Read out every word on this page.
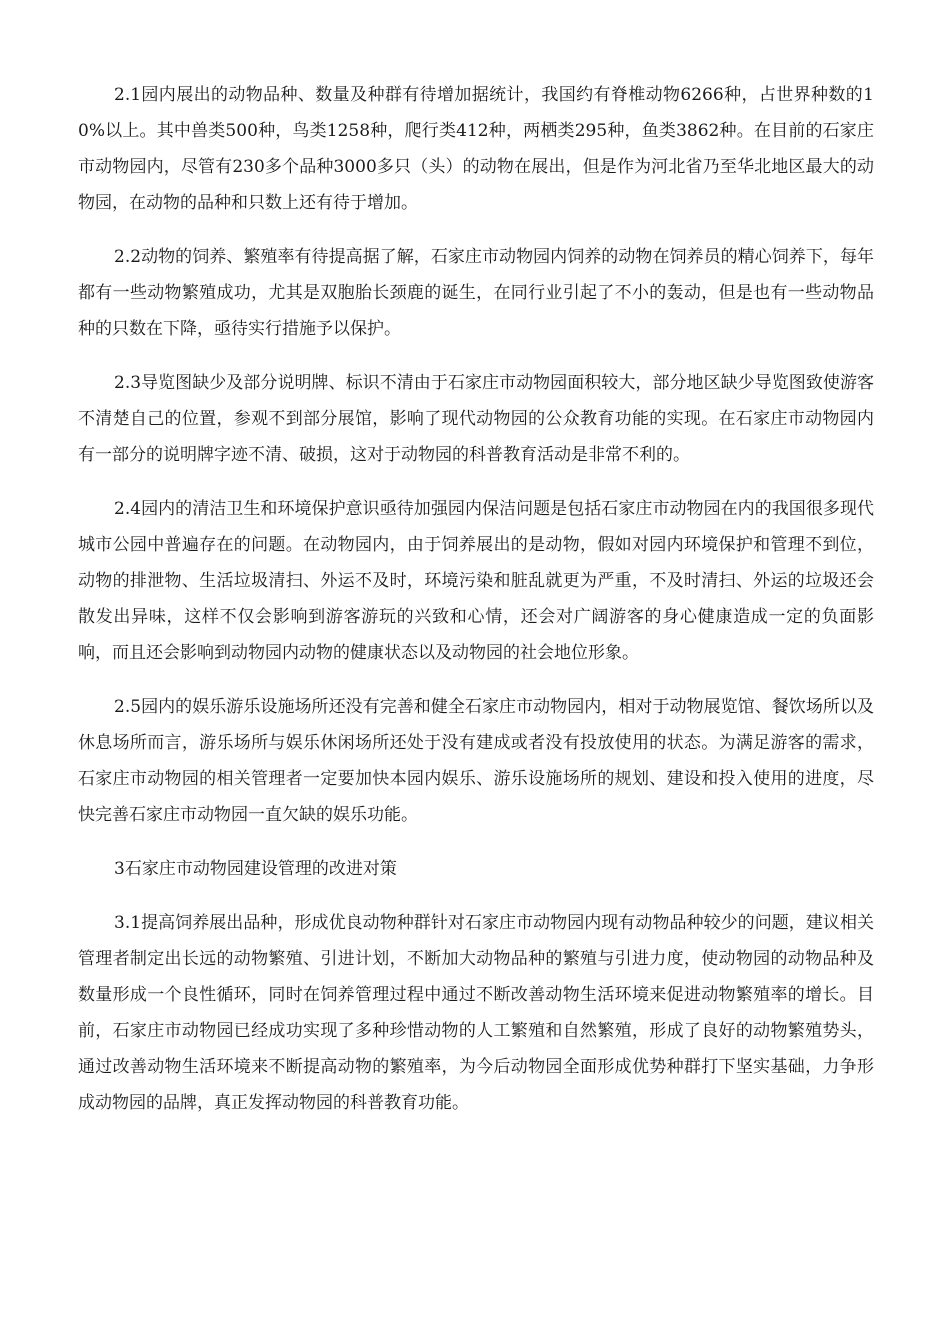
2.1园内展出的动物品种、数量及种群有待增加据统计，我国约有脊椎动物6266种，占世界种数的10%以上。其中兽类500种，鸟类1258种，爬行类412种，两栖类295种，鱼类3862种。在目前的石家庄市动物园内，尽管有230多个品种3000多只（头）的动物在展出，但是作为河北省乃至华北地区最大的动物园，在动物的品种和只数上还有待于增加。

2.2动物的饲养、繁殖率有待提高据了解，石家庄市动物园内饲养的动物在饲养员的精心饲养下，每年都有一些动物繁殖成功，尤其是双胞胎长颈鹿的诞生，在同行业引起了不小的轰动，但是也有一些动物品种的只数在下降，亟待实行措施予以保护。

2.3导览图缺少及部分说明牌、标识不清由于石家庄市动物园面积较大，部分地区缺少导览图致使游客不清楚自己的位置，参观不到部分展馆，影响了现代动物园的公众教育功能的实现。在石家庄市动物园内有一部分的说明牌字迹不清、破损，这对于动物园的科普教育活动是非常不利的。

2.4园内的清洁卫生和环境保护意识亟待加强园内保洁问题是包括石家庄市动物园在内的我国很多现代城市公园中普遍存在的问题。在动物园内，由于饲养展出的是动物，假如对园内环境保护和管理不到位，动物的排泄物、生活垃圾清扫、外运不及时，环境污染和脏乱就更为严重，不及时清扫、外运的垃圾还会散发出异味，这样不仅会影响到游客游玩的兴致和心情，还会对广阔游客的身心健康造成一定的负面影响，而且还会影响到动物园内动物的健康状态以及动物园的社会地位形象。

2.5园内的娱乐游乐设施场所还没有完善和健全石家庄市动物园内，相对于动物展览馆、餐饮场所以及休息场所而言，游乐场所与娱乐休闲场所还处于没有建成或者没有投放使用的状态。为满足游客的需求，石家庄市动物园的相关管理者一定要加快本园内娱乐、游乐设施场所的规划、建设和投入使用的进度，尽快完善石家庄市动物园一直欠缺的娱乐功能。

3石家庄市动物园建设管理的改进对策

3.1提高饲养展出品种，形成优良动物种群针对石家庄市动物园内现有动物品种较少的问题，建议相关管理者制定出长远的动物繁殖、引进计划，不断加大动物品种的繁殖与引进力度，使动物园的动物品种及数量形成一个良性循环，同时在饲养管理过程中通过不断改善动物生活环境来促进动物繁殖率的增长。目前，石家庄市动物园已经成功实现了多种珍惜动物的人工繁殖和自然繁殖，形成了良好的动物繁殖势头，通过改善动物生活环境来不断提高动物的繁殖率，为今后动物园全面形成优势种群打下坚实基础，力争形成动物园的品牌，真正发挥动物园的科普教育功能。
